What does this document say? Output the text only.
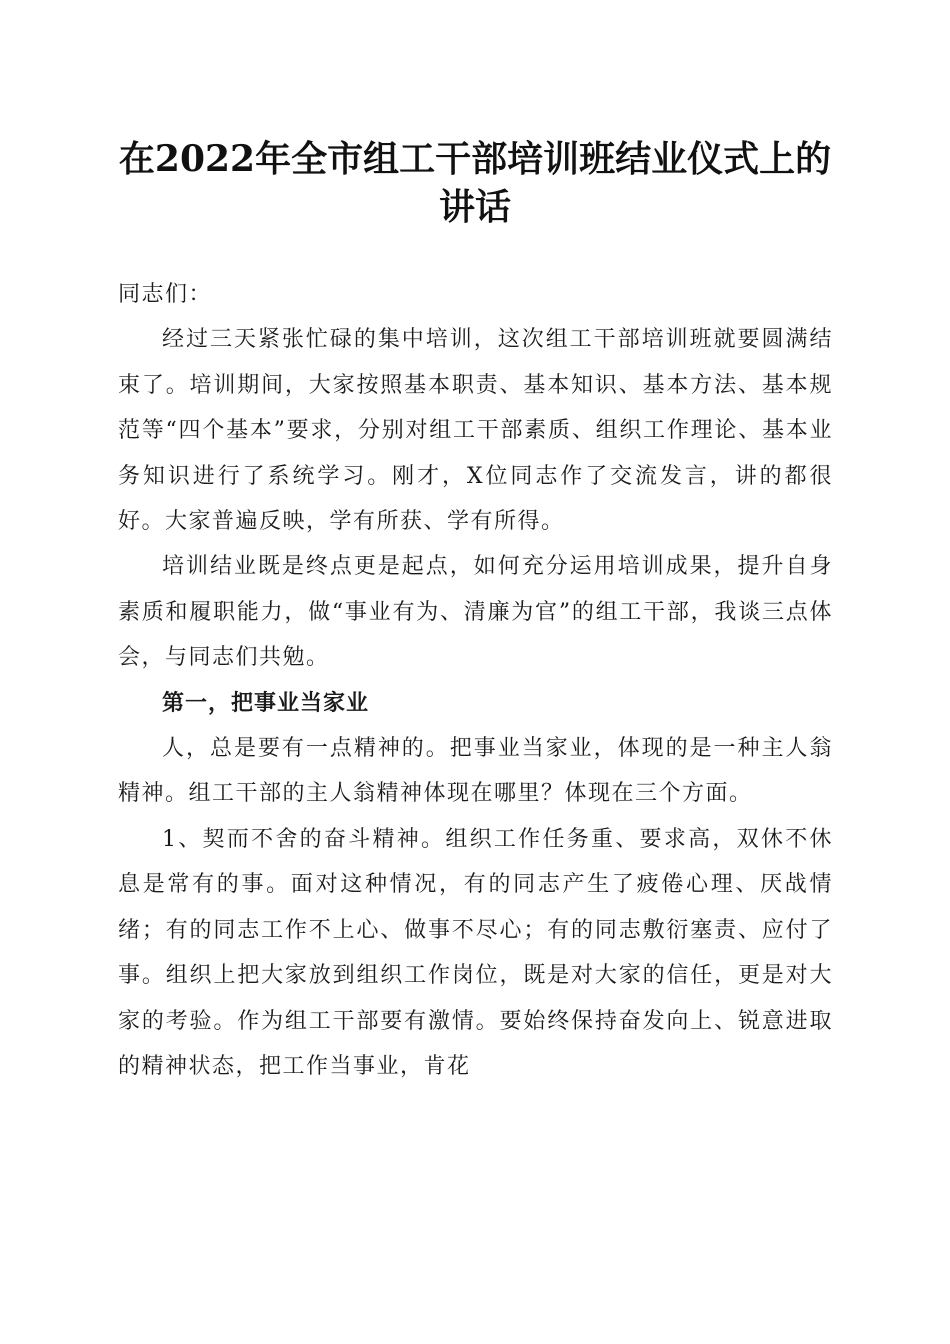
在2022年全市组工干部培训班结业仪式上的
讲话

同志们：

经过三天紧张忙碌的集中培训，这次组工干部培训班就要圆满结束了。培训期间，大家按照基本职责、基本知识、基本方法、基本规范等“四个基本”要求，分别对组工干部素质、组织工作理论、基本业务知识进行了系统学习。刚才，X位同志作了交流发言，讲的都很好。大家普遍反映，学有所获、学有所得。

培训结业既是终点更是起点，如何充分运用培训成果，提升自身素质和履职能力，做“事业有为、清廉为官”的组工干部，我谈三点体会，与同志们共勉。

第一，把事业当家业

人，总是要有一点精神的。把事业当家业，体现的是一种主人翁精神。组工干部的主人翁精神体现在哪里？体现在三个方面。

1、契而不舍的奋斗精神。组织工作任务重、要求高，双休不休息是常有的事。面对这种情况，有的同志产生了疲倦心理、厌战情绪；有的同志工作不上心、做事不尽心；有的同志敷衍塞责、应付了事。组织上把大家放到组织工作岗位，既是对大家的信任，更是对大家的考验。作为组工干部要有激情。要始终保持奋发向上、锐意进取的精神状态，把工作当事业，肯花
